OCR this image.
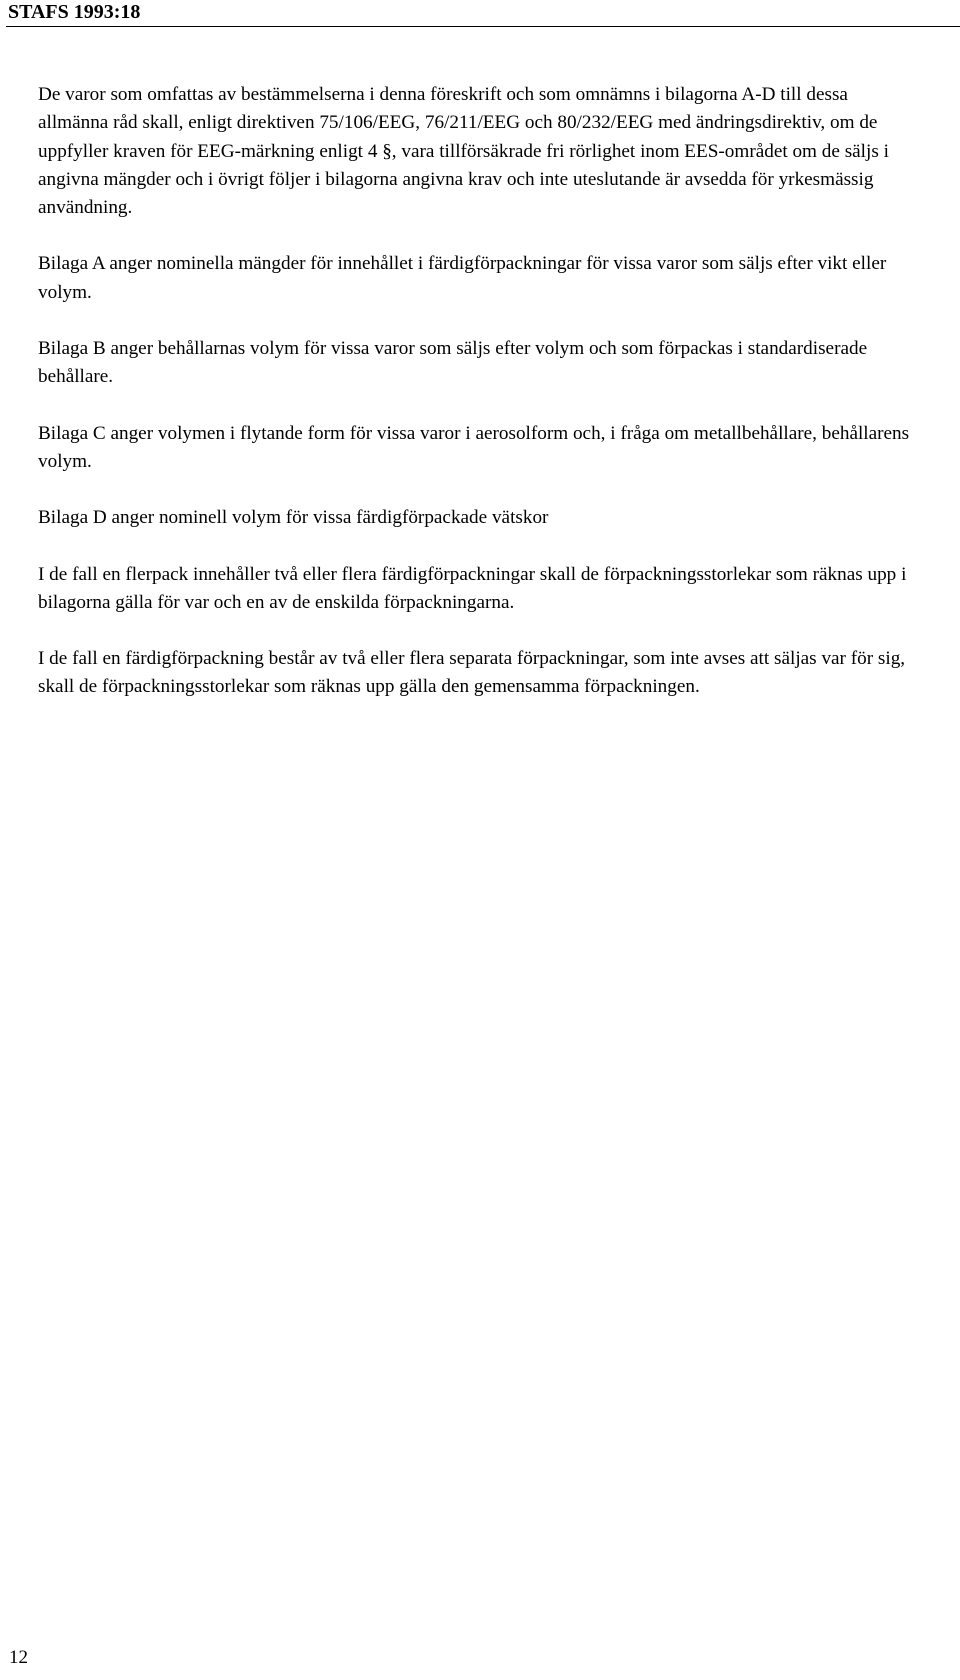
STAFS 1993:18

De varor som omfattas av bestämmelserna i denna föreskrift och som omnämns i bilagorna A-D till dessa allmänna råd skall, enligt direktiven 75/106/EEG, 76/211/EEG och 80/232/EEG med ändringsdirektiv, om de uppfyller kraven för EEG-märkning enligt 4 §, vara tillförsäkrade fri rörlighet inom EES-området om de säljs i angivna mängder och i övrigt följer i bilagorna angivna krav och inte uteslutande är avsedda för yrkesmässig användning.

Bilaga A anger nominella mängder för innehållet i färdigförpackningar för vissa varor som säljs efter vikt eller volym.

Bilaga B anger behållarnas volym för vissa varor som säljs efter volym och som förpackas i standardiserade behållare.

Bilaga C anger volymen i flytande form för vissa varor i aerosolform och, i fråga om metallbehållare, behållarens volym.

Bilaga D anger nominell volym för vissa färdigförpackade vätskor

I de fall en flerpack innehåller två eller flera färdigförpackningar skall de förpackningsstorlekar som räknas upp i bilagorna gälla för var och en av de enskilda förpackningarna.

I de fall en färdigförpackning består av två eller flera separata förpackningar, som inte avses att säljas var för sig, skall de förpackningsstorlekar som räknas upp gälla den gemensamma förpackningen.

12
